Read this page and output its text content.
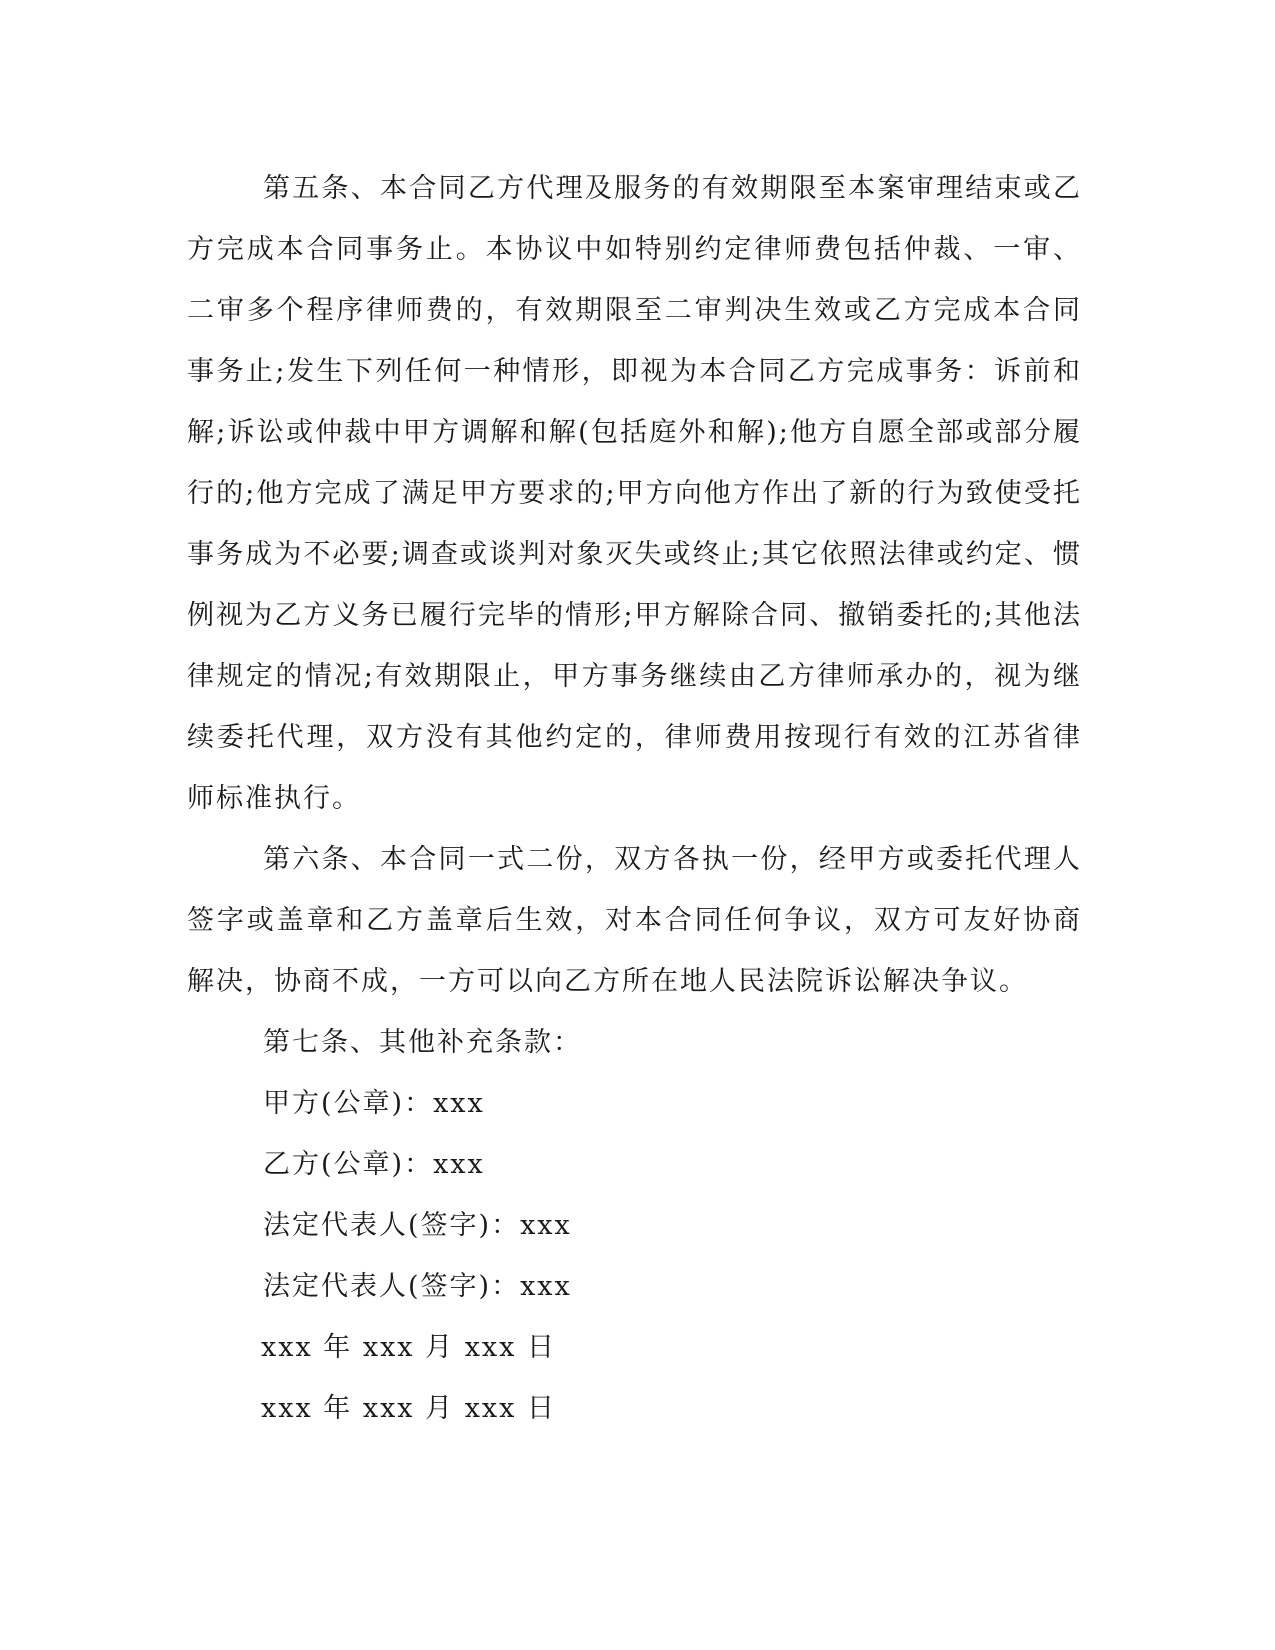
第五条、本合同乙方代理及服务的有效期限至本案审理结束或乙方完成本合同事务止。本协议中如特别约定律师费包括仲裁、一审、二审多个程序律师费的，有效期限至二审判决生效或乙方完成本合同事务止;发生下列任何一种情形，即视为本合同乙方完成事务：诉前和解;诉讼或仲裁中甲方调解和解(包括庭外和解);他方自愿全部或部分履行的;他方完成了满足甲方要求的;甲方向他方作出了新的行为致使受托事务成为不必要;调查或谈判对象灭失或终止;其它依照法律或约定、惯例视为乙方义务已履行完毕的情形;甲方解除合同、撤销委托的;其他法律规定的情况;有效期限止，甲方事务继续由乙方律师承办的，视为继续委托代理，双方没有其他约定的，律师费用按现行有效的江苏省律师标准执行。

第六条、本合同一式二份，双方各执一份，经甲方或委托代理人签字或盖章和乙方盖章后生效，对本合同任何争议，双方可友好协商解决，协商不成，一方可以向乙方所在地人民法院诉讼解决争议。

第七条、其他补充条款：

甲方(公章)：xxx

乙方(公章)：xxx

法定代表人(签字)：xxx

法定代表人(签字)：xxx

xxx 年 xxx 月 xxx 日

xxx 年 xxx 月 xxx 日
